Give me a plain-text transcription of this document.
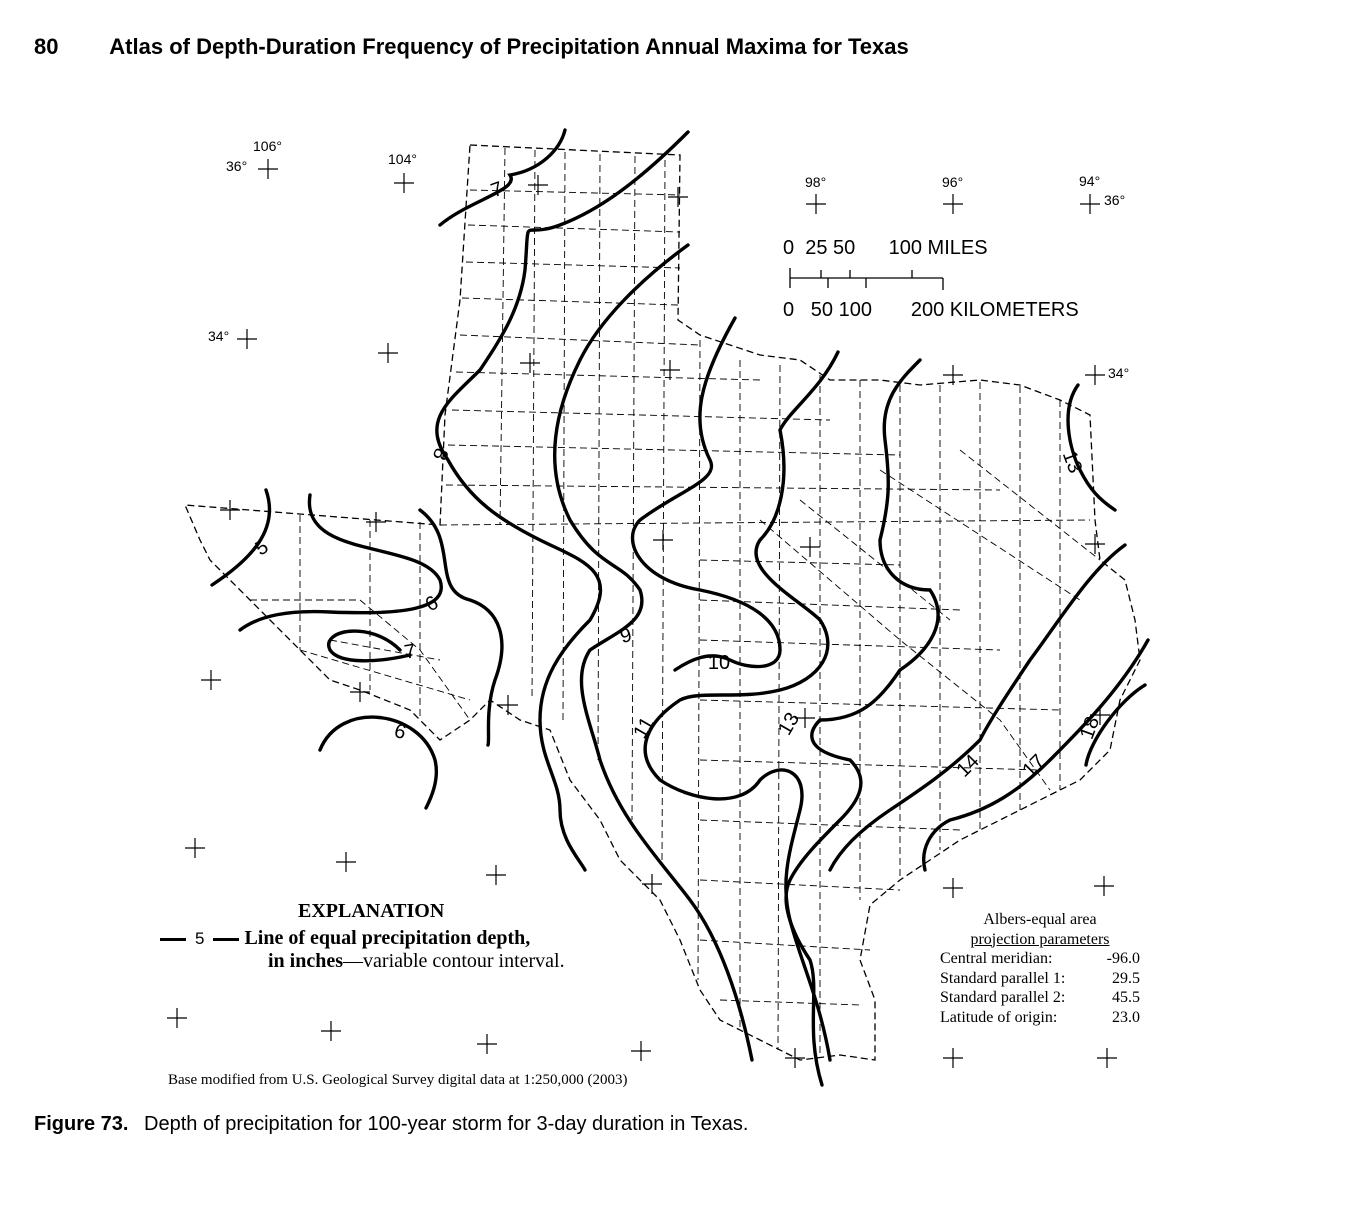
80 Atlas of Depth-Duration Frequency of Precipitation Annual Maxima for Texas
106°
104°
98°	96°	94°
36°
36°
34°
34°
0  25 50      100 MILES
0   50 100       200 KILOMETERS
5
6
6
7
7
8
9
10
11	13
13
14 17
18
EXPLANATION
5 Line of equal precipitation depth,
in inches—variable contour interval.
Albers-equal area
projection parameters
Central meridian:	-96.0
Standard parallel 1:	29.5
Standard parallel 2:	45.5
Latitude of origin:	23.0
Base modified from U.S. Geological Survey digital data at 1:250,000 (2003)
Figure 73. Depth of precipitation for 100-year storm for 3-day duration in Texas.
